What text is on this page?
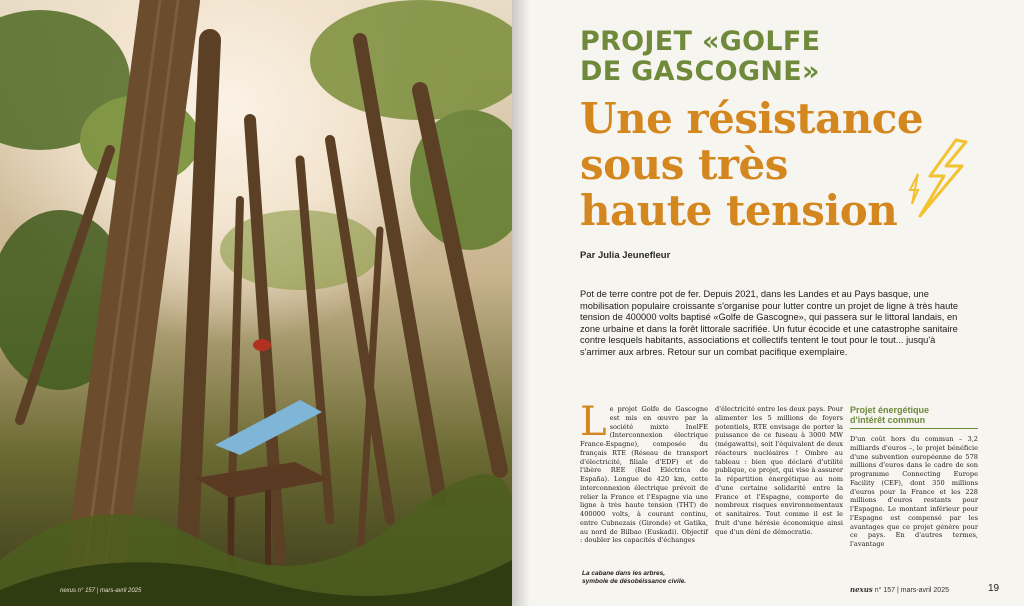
nexus n° 157 | mars-avril 2025
PROJET «GOLFE
DE GASCOGNE»
Une résistance
sous très
haute tension
Par Julia Jeunefleur

Pot de terre contre pot de fer. Depuis 2021, dans les Landes et au Pays basque, une mobilisation populaire croissante s'organise pour lutter contre un projet de ligne à très haute tension de 400000 volts baptisé «Golfe de Gascogne», qui passera sur le littoral landais, en zone urbaine et dans la forêt littorale sacrifiée. Un futur écocide et une catastrophe sanitaire contre lesquels habitants, associations et collectifs tentent le tout pour le tout... jusqu'à s'arrimer aux arbres. Retour sur un combat pacifique exemplaire.

L e projet Golfe de Gascogne est mis en œuvre par la société mixte InelFE (Interconnexion électrique France-Espagne), composée du français RTE (Réseau de transport d'électricité, filiale d'EDF) et de l'ibère REE (Red Eléctrica de España). Longue de 420 km, cette interconnexion électrique prévoit de relier la France et l'Espagne via une ligne à très haute tension (THT) de 400000 volts, à courant continu, entre Cubnezais (Gironde) et Gatika, au nord de Bilbao (Euskadi). Objectif : doubler les capacités d'échanges
d'électricité entre les deux pays. Pour alimenter les 5 millions de foyers potentiels, RTE envisage de porter la puissance de ce fuseau à 3000 MW (mégawatts), soit l'équivalent de deux réacteurs nucléaires ! Ombre au tableau : bien que déclaré d'utilité publique, ce projet, qui vise à assurer la répartition énergétique au nom d'une certaine solidarité entre la France et l'Espagne, comporte de nombreux risques environnementaux et sanitaires. Tout comme il est le fruit d'une hérésie économique ainsi que d'un déni de démocratie.
Projet énergétique
d'intérêt commun
D'un coût hors du commun – 3,2 milliards d'euros –, le projet bénéficie d'une subvention européenne de 578 millions d'euros dans le cadre de son programme Connecting Europe Facility (CEF), dont 350 millions d'euros pour la France et les 228 millions d'euros restants pour l'Espagne. Le montant inférieur pour l'Espagne est compensé par les avantages que ce projet génère pour ce pays. En d'autres termes, l'avantage
La cabane dans les arbres,
symbole de désobéissance civile.
nexus n° 157 | mars-avril 2025	19
